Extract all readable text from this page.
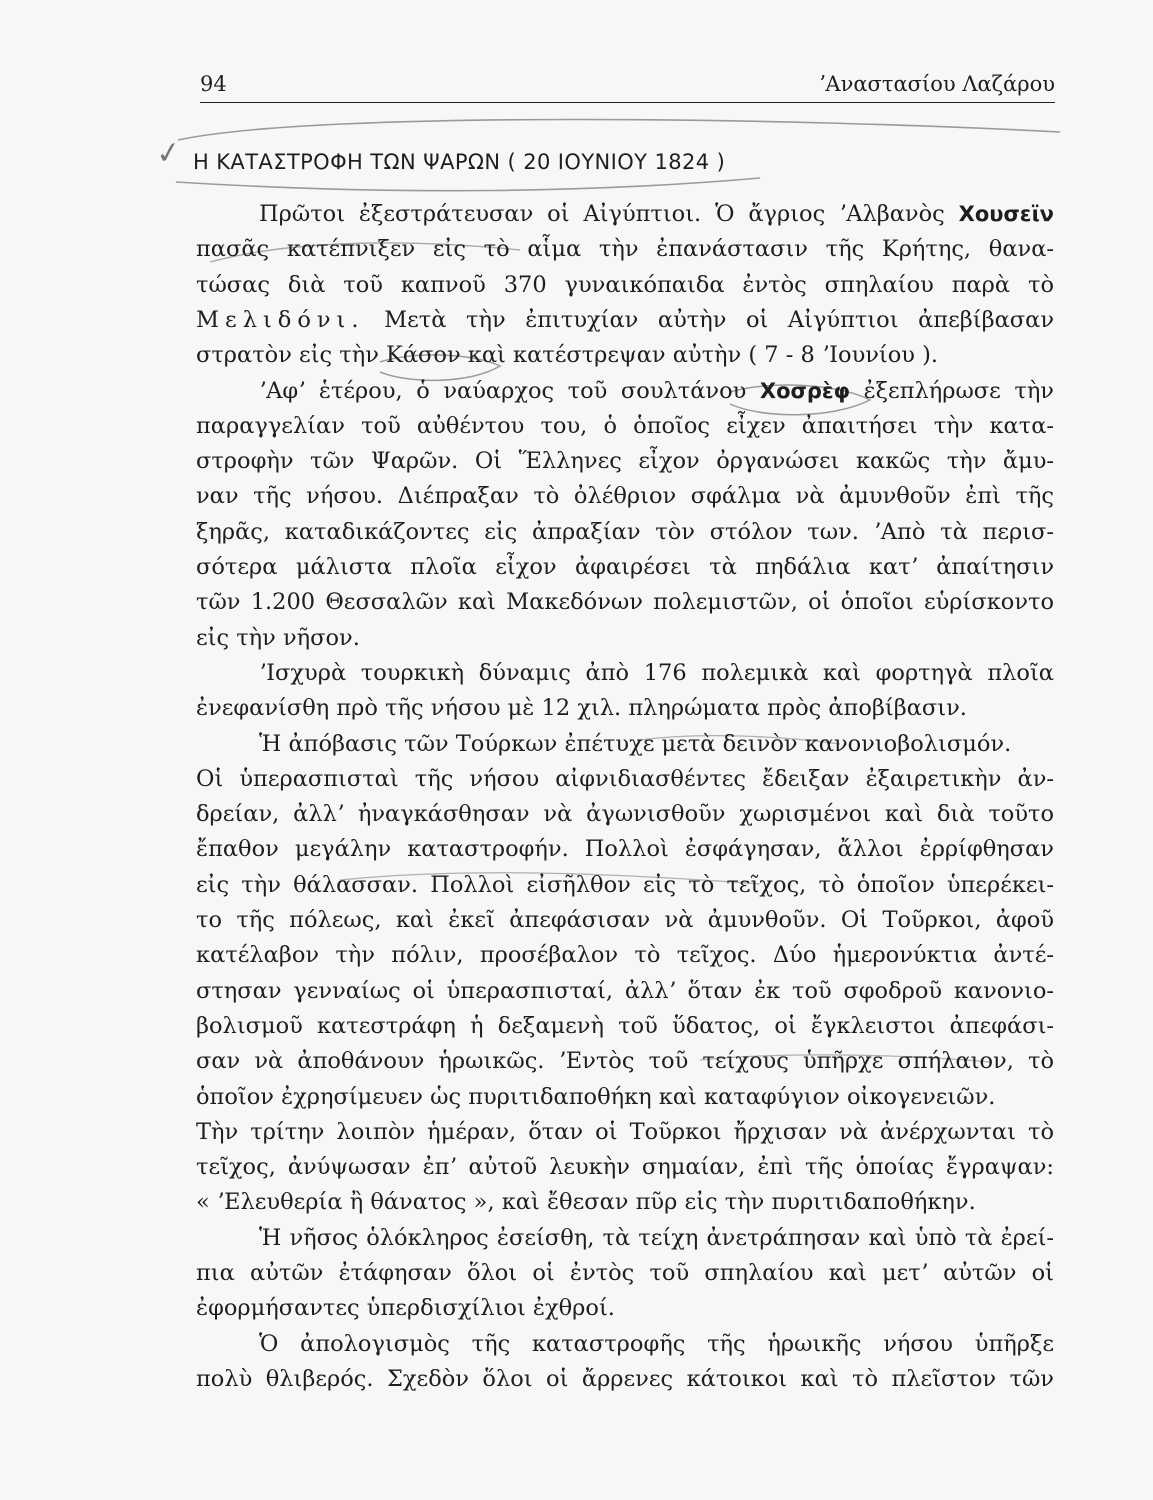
94	ʼΑναστασίου Λαζάρου
✓ Η ΚΑΤΑΣΤΡΟΦΗ ΤΩΝ ΨΑΡΩΝ ( 20 ΙΟΥΝΙΟΥ 1824 )
Πρῶτοι ἐξεστράτευσαν οἱ Αἰγύπτιοι. Ὁ ἄγριος ʼΑλβανὸς Χουσεϊν
πασᾶς κατέπνιξεν εἰς τὸ αἷμα τὴν ἐπανάστασιν τῆς Κρήτης, θανα-
τώσας διὰ τοῦ καπνοῦ 370 γυναικόπαιδα ἐντὸς σπηλαίου παρὰ τὸ
Μελιδόνι. Μετὰ τὴν ἐπιτυχίαν αὐτὴν οἱ Αἰγύπτιοι ἀπεβίβασαν
στρατὸν εἰς τὴν Κάσον καὶ κατέστρεψαν αὐτὴν ( 7 - 8 ʼΙουνίου ).
ʼΑφʼ ἑτέρου, ὁ ναύαρχος τοῦ σουλτάνου Χοσρὲφ ἐξεπλήρωσε τὴν
παραγγελίαν τοῦ αὐθέντου του, ὁ ὁποῖος εἶχεν ἀπαιτήσει τὴν κατα-
στροφὴν τῶν Ψαρῶν. Οἱ Ἕλληνες εἶχον ὀργανώσει κακῶς τὴν ἄμυ-
ναν τῆς νήσου. Διέπραξαν τὸ ὀλέθριον σφάλμα νὰ ἀμυνθοῦν ἐπὶ τῆς
ξηρᾶς, καταδικάζοντες εἰς ἀπραξίαν τὸν στόλον των. ʼΑπὸ τὰ περισ-
σότερα μάλιστα πλοῖα εἶχον ἀφαιρέσει τὰ πηδάλια κατʼ ἀπαίτησιν
τῶν 1.200 Θεσσαλῶν καὶ Μακεδόνων πολεμιστῶν, οἱ ὁποῖοι εὑρίσκοντο
εἰς τὴν νῆσον.
ʼΙσχυρὰ τουρκικὴ δύναμις ἀπὸ 176 πολεμικὰ καὶ φορτηγὰ πλοῖα
ἐνεφανίσθη πρὸ τῆς νήσου μὲ 12 χιλ. πληρώματα πρὸς ἀποβίβασιν.
Ἡ ἀπόβασις τῶν Τούρκων ἐπέτυχε μετὰ δεινὸν κανονιοβολισμόν.
Οἱ ὑπερασπισταὶ τῆς νήσου αἰφνιδιασθέντες ἔδειξαν ἐξαιρετικὴν ἀν-
δρείαν, ἀλλʼ ἠναγκάσθησαν νὰ ἀγωνισθοῦν χωρισμένοι καὶ διὰ τοῦτο
ἔπαθον μεγάλην καταστροφήν. Πολλοὶ ἐσφάγησαν, ἄλλοι ἐρρίφθησαν
εἰς τὴν θάλασσαν. Πολλοὶ εἰσῆλθον εἰς τὸ τεῖχος, τὸ ὁποῖον ὑπερέκει-
το τῆς πόλεως, καὶ ἐκεῖ ἀπεφάσισαν νὰ ἀμυνθοῦν. Οἱ Τοῦρκοι, ἀφοῦ
κατέλαβον τὴν πόλιν, προσέβαλον τὸ τεῖχος. Δύο ἡμερονύκτια ἀντέ-
στησαν γενναίως οἱ ὑπερασπισταί, ἀλλʼ ὅταν ἐκ τοῦ σφοδροῦ κανονιο-
βολισμοῦ κατεστράφη ἡ δεξαμενὴ τοῦ ὕδατος, οἱ ἔγκλειστοι ἀπεφάσι-
σαν νὰ ἀποθάνουν ἡρωικῶς. ʼΕντὸς τοῦ τείχους ὑπῆρχε σπήλαιον, τὸ
ὁποῖον ἐχρησίμευεν ὡς πυριτιδαποθήκη καὶ καταφύγιον οἰκογενειῶν.
Τὴν τρίτην λοιπὸν ἡμέραν, ὅταν οἱ Τοῦρκοι ἤρχισαν νὰ ἀνέρχωνται τὸ
τεῖχος, ἀνύψωσαν ἐπʼ αὐτοῦ λευκὴν σημαίαν, ἐπὶ τῆς ὁποίας ἔγραψαν:
« ʼΕλευθερία ἢ θάνατος », καὶ ἔθεσαν πῦρ εἰς τὴν πυριτιδαποθήκην.
Ἡ νῆσος ὁλόκληρος ἐσείσθη, τὰ τείχη ἀνετράπησαν καὶ ὑπὸ τὰ ἐρεί-
πια αὐτῶν ἐτάφησαν ὅλοι οἱ ἐντὸς τοῦ σπηλαίου καὶ μετʼ αὐτῶν οἱ
ἐφορμήσαντες ὑπερδισχίλιοι ἐχθροί.
Ὁ ἀπολογισμὸς τῆς καταστροφῆς τῆς ἡρωικῆς νήσου ὑπῆρξε
πολὺ θλιβερός. Σχεδὸν ὅλοι οἱ ἄρρενες κάτοικοι καὶ τὸ πλεῖστον τῶν
